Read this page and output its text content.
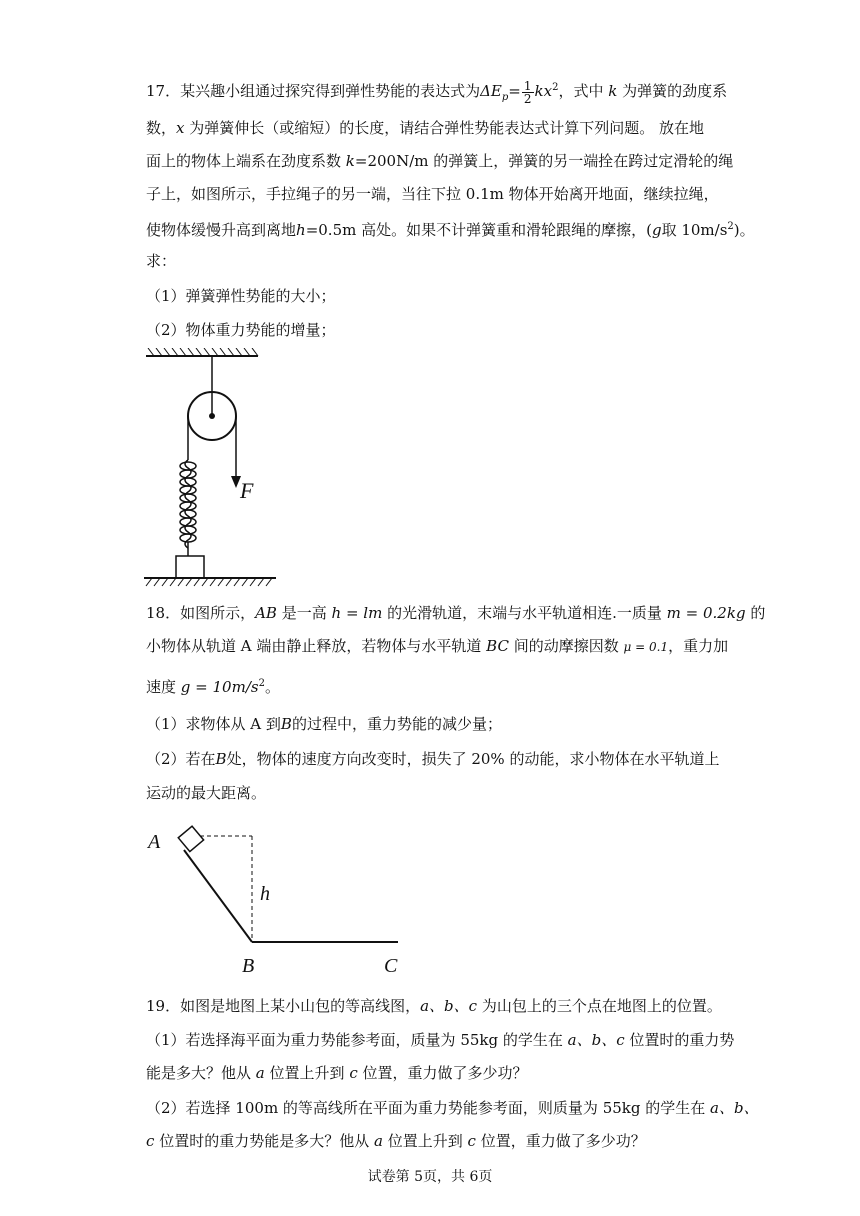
17．某兴趣小组通过探究得到弹性势能的表达式为$\Delta E_p= \frac{1}{2} kx^2$，式中 k 为弹簧的劲度系
数，x 为弹簧伸长（或缩短）的长度，请结合弹性势能表达式计算下列问题。 放在地
面上的物体上端系在劲度系数 k=200N/m 的弹簧上，弹簧的另一端拴在跨过定滑轮的绳
子上，如图所示，手拉绳子的另一端，当往下拉 0.1m 物体开始离开地面，继续拉绳，
使物体缓慢升高到离地h=0.5m 高处。如果不计弹簧重和滑轮跟绳的摩擦，(g取 $10m/s^2$)。
求：
（1）弹簧弹性势能的大小；
（2）物体重力势能的增量；
F
18．如图所示，AB 是一高 h = lm 的光滑轨道，末端与水平轨道相连.一质量 m = 0.2kg 的
小物体从轨道 A 端由静止释放，若物体与水平轨道 BC 间的动摩擦因数 μ = 0.1，重力加
速度 $g = 10m/s^2$。
（1）求物体从 A 到B的过程中，重力势能的减少量；
（2）若在B处，物体的速度方向改变时，损失了 20% 的动能，求小物体在水平轨道上
运动的最大距离。
A
h
B	C
19．如图是地图上某小山包的等高线图，a、b、c 为山包上的三个点在地图上的位置。
（1）若选择海平面为重力势能参考面，质量为 55kg 的学生在 a、b、c 位置时的重力势
能是多大？他从 a 位置上升到 c 位置，重力做了多少功？
（2）若选择 100m 的等高线所在平面为重力势能参考面，则质量为 55kg 的学生在 a、b、
c 位置时的重力势能是多大？他从 a 位置上升到 c 位置，重力做了多少功？
试卷第 5页，共 6页
